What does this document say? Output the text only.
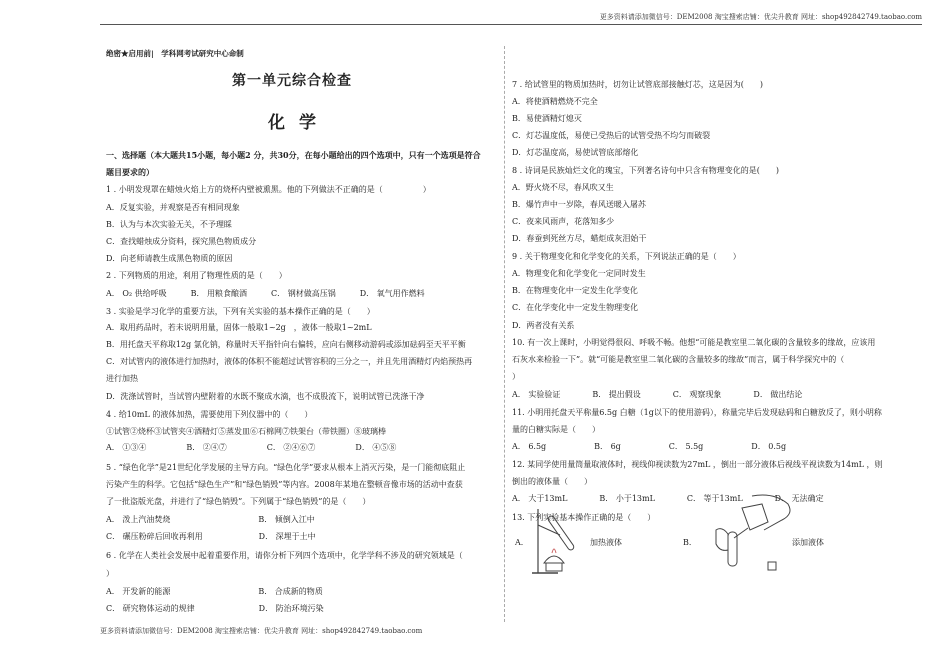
更多资料请添加微信号：DEM2008 淘宝搜索店铺：优尖升教育 网址：shop492842749.taobao.com
绝密★启用前|　学科网考试研究中心命制
第一单元综合检查
化学
一、选择题（本大题共15小题，每小题2 分，共30分，在每小题给出的四个选项中，只有一个选项是符合
题目要求的）
1 . 小明发现罩在蜡烛火焰上方的烧杯内壁被熏黑。他的下列做法不正确的是（　　　　　）
A．反复实验，并观察是否有相同现象
B．认为与本次实验无关，不予理睬
C．查找蜡烛成分资料，探究黑色物质成分
D．向老师请教生成黑色物质的原因
2 . 下列物质的用途，利用了物理性质的是（　　）
A． O₂ 供给呼吸　　　B． 用粮食酿酒　　　C． 钢材做高压锅　　　D． 氧气用作燃料
3 . 实验是学习化学的重要方法，下列有关实验的基本操作正确的是（　　）
A．取用药品时，若未说明用量，固体一般取1~2g　，液体一般取1~2mL
B．用托盘天平称取12g 氯化钠，称量时天平指针向右偏转，应向右侧移动游码或添加砝码至天平平衡
C．对试管内的液体进行加热时，液体的体积不能超过试管容积的三分之一，并且先用酒精灯内焰预热再
进行加热
D．洗涤试管时，当试管内壁附着的水既不聚成水滴，也不成股流下，说明试管已洗涤干净
4 . 给10mL 的液体加热，需要使用下列仪器中的（　　）
①试管②烧杯③试管夹④酒精灯⑤蒸发皿⑥石棉网⑦铁架台（带铁圈）⑧玻璃棒
A． ①③④　　　　　B． ②④⑦　　　　　C． ②④⑥⑦　　　　　D． ④⑤⑧
5 . “绿色化学”是21世纪化学发展的主导方向。“绿色化学”要求从根本上消灭污染，是一门能彻底阻止
污染产生的科学。它包括“绿色生产”和“绿色销毁”等内容。2008年某地在整顿音像市场的活动中查获
了一批盗版光盘，并进行了“绿色销毁”。下列属于“绿色销毁”的是（　　）
A． 泼上汽油焚烧　　　　　　　　　　　B． 倾倒入江中
C． 碾压粉碎后回收再利用　　　　　　　D． 深埋于土中
6 . 化学在人类社会发展中起着重要作用，请你分析下列四个选项中，化学学科不涉及的研究领域是（
）
A． 开发新的能源　　　　　　　　　　　B． 合成新的物质
C． 研究物体运动的规律　　　　　　　　D． 防治环境污染
7 . 给试管里的物质加热时，切勿让试管底部接触灯芯，这是因为(　　)
A．将使酒精燃烧不完全
B．易使酒精灯熄灭
C．灯芯温度低，易使已受热后的试管受热不均匀而破裂
D．灯芯温度高，易使试管底部熔化
8 . 诗词是民族灿烂文化的瑰宝，下列著名诗句中只含有物理变化的是(　　)
A．野火烧不尽，春风吹又生
B．爆竹声中一岁除，春风送暖入屠苏
C．夜来风雨声，花落知多少
D．春蚕到死丝方尽，蜡炬成灰泪始干
9 . 关于物理变化和化学变化的关系，下列说法正确的是（　　）
A．物理变化和化学变化一定同时发生
B．在物理变化中一定发生化学变化
C．在化学变化中一定发生物理变化
D．两者没有关系
10. 有一次上课时，小明觉得很闷、呼吸不畅。他想“可能是教室里二氧化碳的含量较多的缘故，应该用
石灰水来检验一下”。就“可能是教室里二氧化碳的含量较多的缘故”而言，属于科学探究中的（
）
A． 实验验证　　　　B． 提出假设　　　　C． 观察现象　　　　D． 做出结论
11. 小明用托盘天平称量6.5g 白糖（1g以下的使用游码），称量完毕后发现砝码和白糖放反了，则小明称
量的白糖实际是（　　）
A． 6.5g　　　　　　B． 6g　　　　　　C． 5.5g　　　　　　D． 0.5g
12. 某同学使用量筒量取液体时，视线仰视读数为27mL ，倒出一部分液体后视线平视读数为14mL ，则
倒出的液体量（　　）
A． 大于13mL　　　　B． 小于13mL　　　　C． 等于13mL　　　　D． 无法确定
13. 下列实验基本操作正确的是（　　）
A．	加热液体	B．	添加液体
更多资料请添加微信号：DEM2008 淘宝搜索店铺：优尖升教育 网址：shop492842749.taobao.com
